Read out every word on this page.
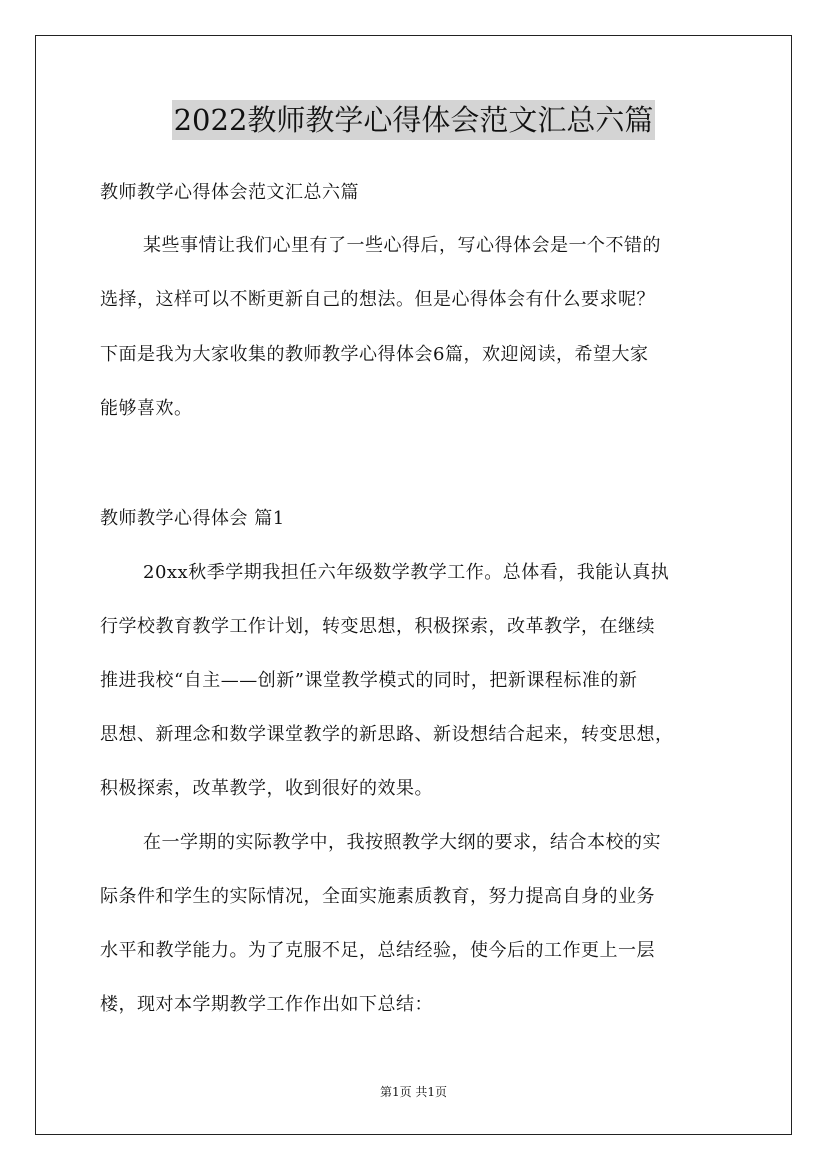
2022教师教学心得体会范文汇总六篇
教师教学心得体会范文汇总六篇
某些事情让我们心里有了一些心得后，写心得体会是一个不错的
选择，这样可以不断更新自己的想法。但是心得体会有什么要求呢？
下面是我为大家收集的教师教学心得体会6篇，欢迎阅读，希望大家
能够喜欢。
教师教学心得体会 篇1
20xx秋季学期我担任六年级数学教学工作。总体看，我能认真执
行学校教育教学工作计划，转变思想，积极探索，改革教学，在继续
推进我校“自主——创新”课堂教学模式的同时，把新课程标准的新
思想、新理念和数学课堂教学的新思路、新设想结合起来，转变思想，
积极探索，改革教学，收到很好的效果。
在一学期的实际教学中，我按照教学大纲的要求，结合本校的实
际条件和学生的实际情况，全面实施素质教育，努力提高自身的业务
水平和教学能力。为了克服不足，总结经验，使今后的工作更上一层
楼，现对本学期教学工作作出如下总结：
第1页 共1页
